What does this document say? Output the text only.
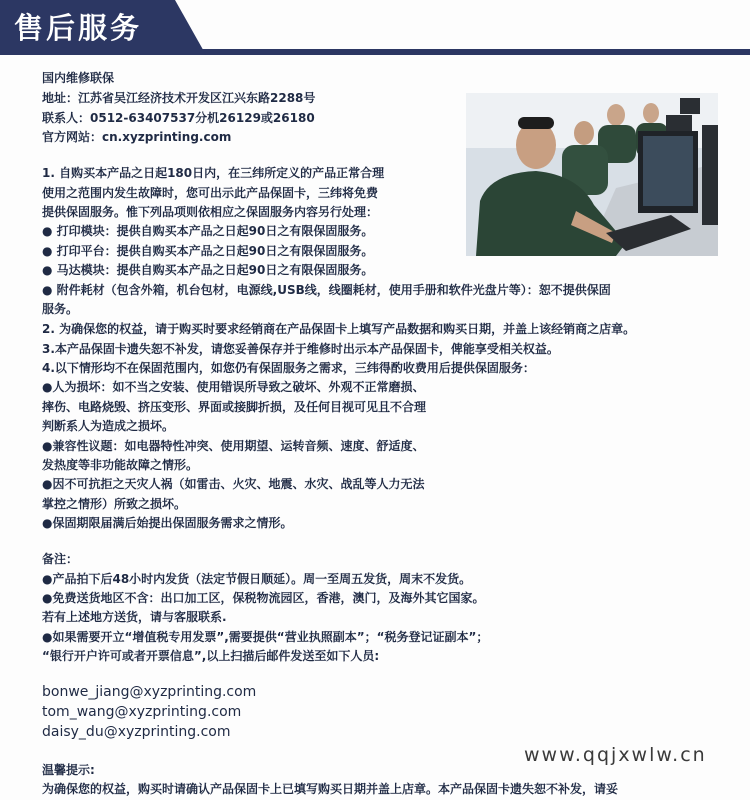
售后服务
国内维修联保
地址：江苏省吴江经济技术开发区江兴东路2288号
联系人：0512-63407537分机26129或26180
官方网站：cn.xyzprinting.com
1. 自购买本产品之日起180日内，在三纬所定义的产品正常合理
使用之范围内发生故障时，您可出示此产品保固卡，三纬将免费
提供保固服务。惟下列品项则依相应之保固服务内容另行处理：
● 打印模块：提供自购买本产品之日起90日之有限保固服务。
● 打印平台：提供自购买本产品之日起90日之有限保固服务。
● 马达模块：提供自购买本产品之日起90日之有限保固服务。
● 附件耗材（包含外箱，机台包材，电源线,USB线，线圈耗材，使用手册和软件光盘片等）：恕不提供保固
服务。
2. 为确保您的权益，请于购买时要求经销商在产品保固卡上填写产品数据和购买日期，并盖上该经销商之店章。
3.本产品保固卡遗失恕不补发，请您妥善保存并于维修时出示本产品保固卡，俾能享受相关权益。
4.以下情形均不在保固范围内，如您仍有保固服务之需求，三纬得酌收费用后提供保固服务：
●人为损坏：如不当之安装、使用错误所导致之破坏、外观不正常磨损、
摔伤、电路烧毁、挤压变形、界面或接脚折损，及任何目视可见且不合理
判断系人为造成之损坏。
●兼容性议题：如电器特性冲突、使用期望、运转音频、速度、舒适度、
发热度等非功能故障之情形。
●因不可抗拒之天灾人祸（如雷击、火灾、地震、水灾、战乱等人力无法
掌控之情形）所致之损坏。
●保固期限届满后始提出保固服务需求之情形。
备注：
●产品拍下后48小时内发货（法定节假日顺延）。周一至周五发货，周末不发货。
●免费送货地区不含：出口加工区，保税物流园区，香港，澳门，及海外其它国家。
若有上述地方送货，请与客服联系.
●如果需要开立“增值税专用发票”,需要提供“营业执照副本”；“税务登记证副本”；
“银行开户许可或者开票信息”,以上扫描后邮件发送至如下人员:
bonwe_jiang@xyzprinting.com
tom_wang@xyzprinting.com
daisy_du@xyzprinting.com
www.qqjxwlw.cn
温馨提示:
为确保您的权益，购买时请确认产品保固卡上已填写购买日期并盖上店章。本产品保固卡遗失恕不补发，请妥
